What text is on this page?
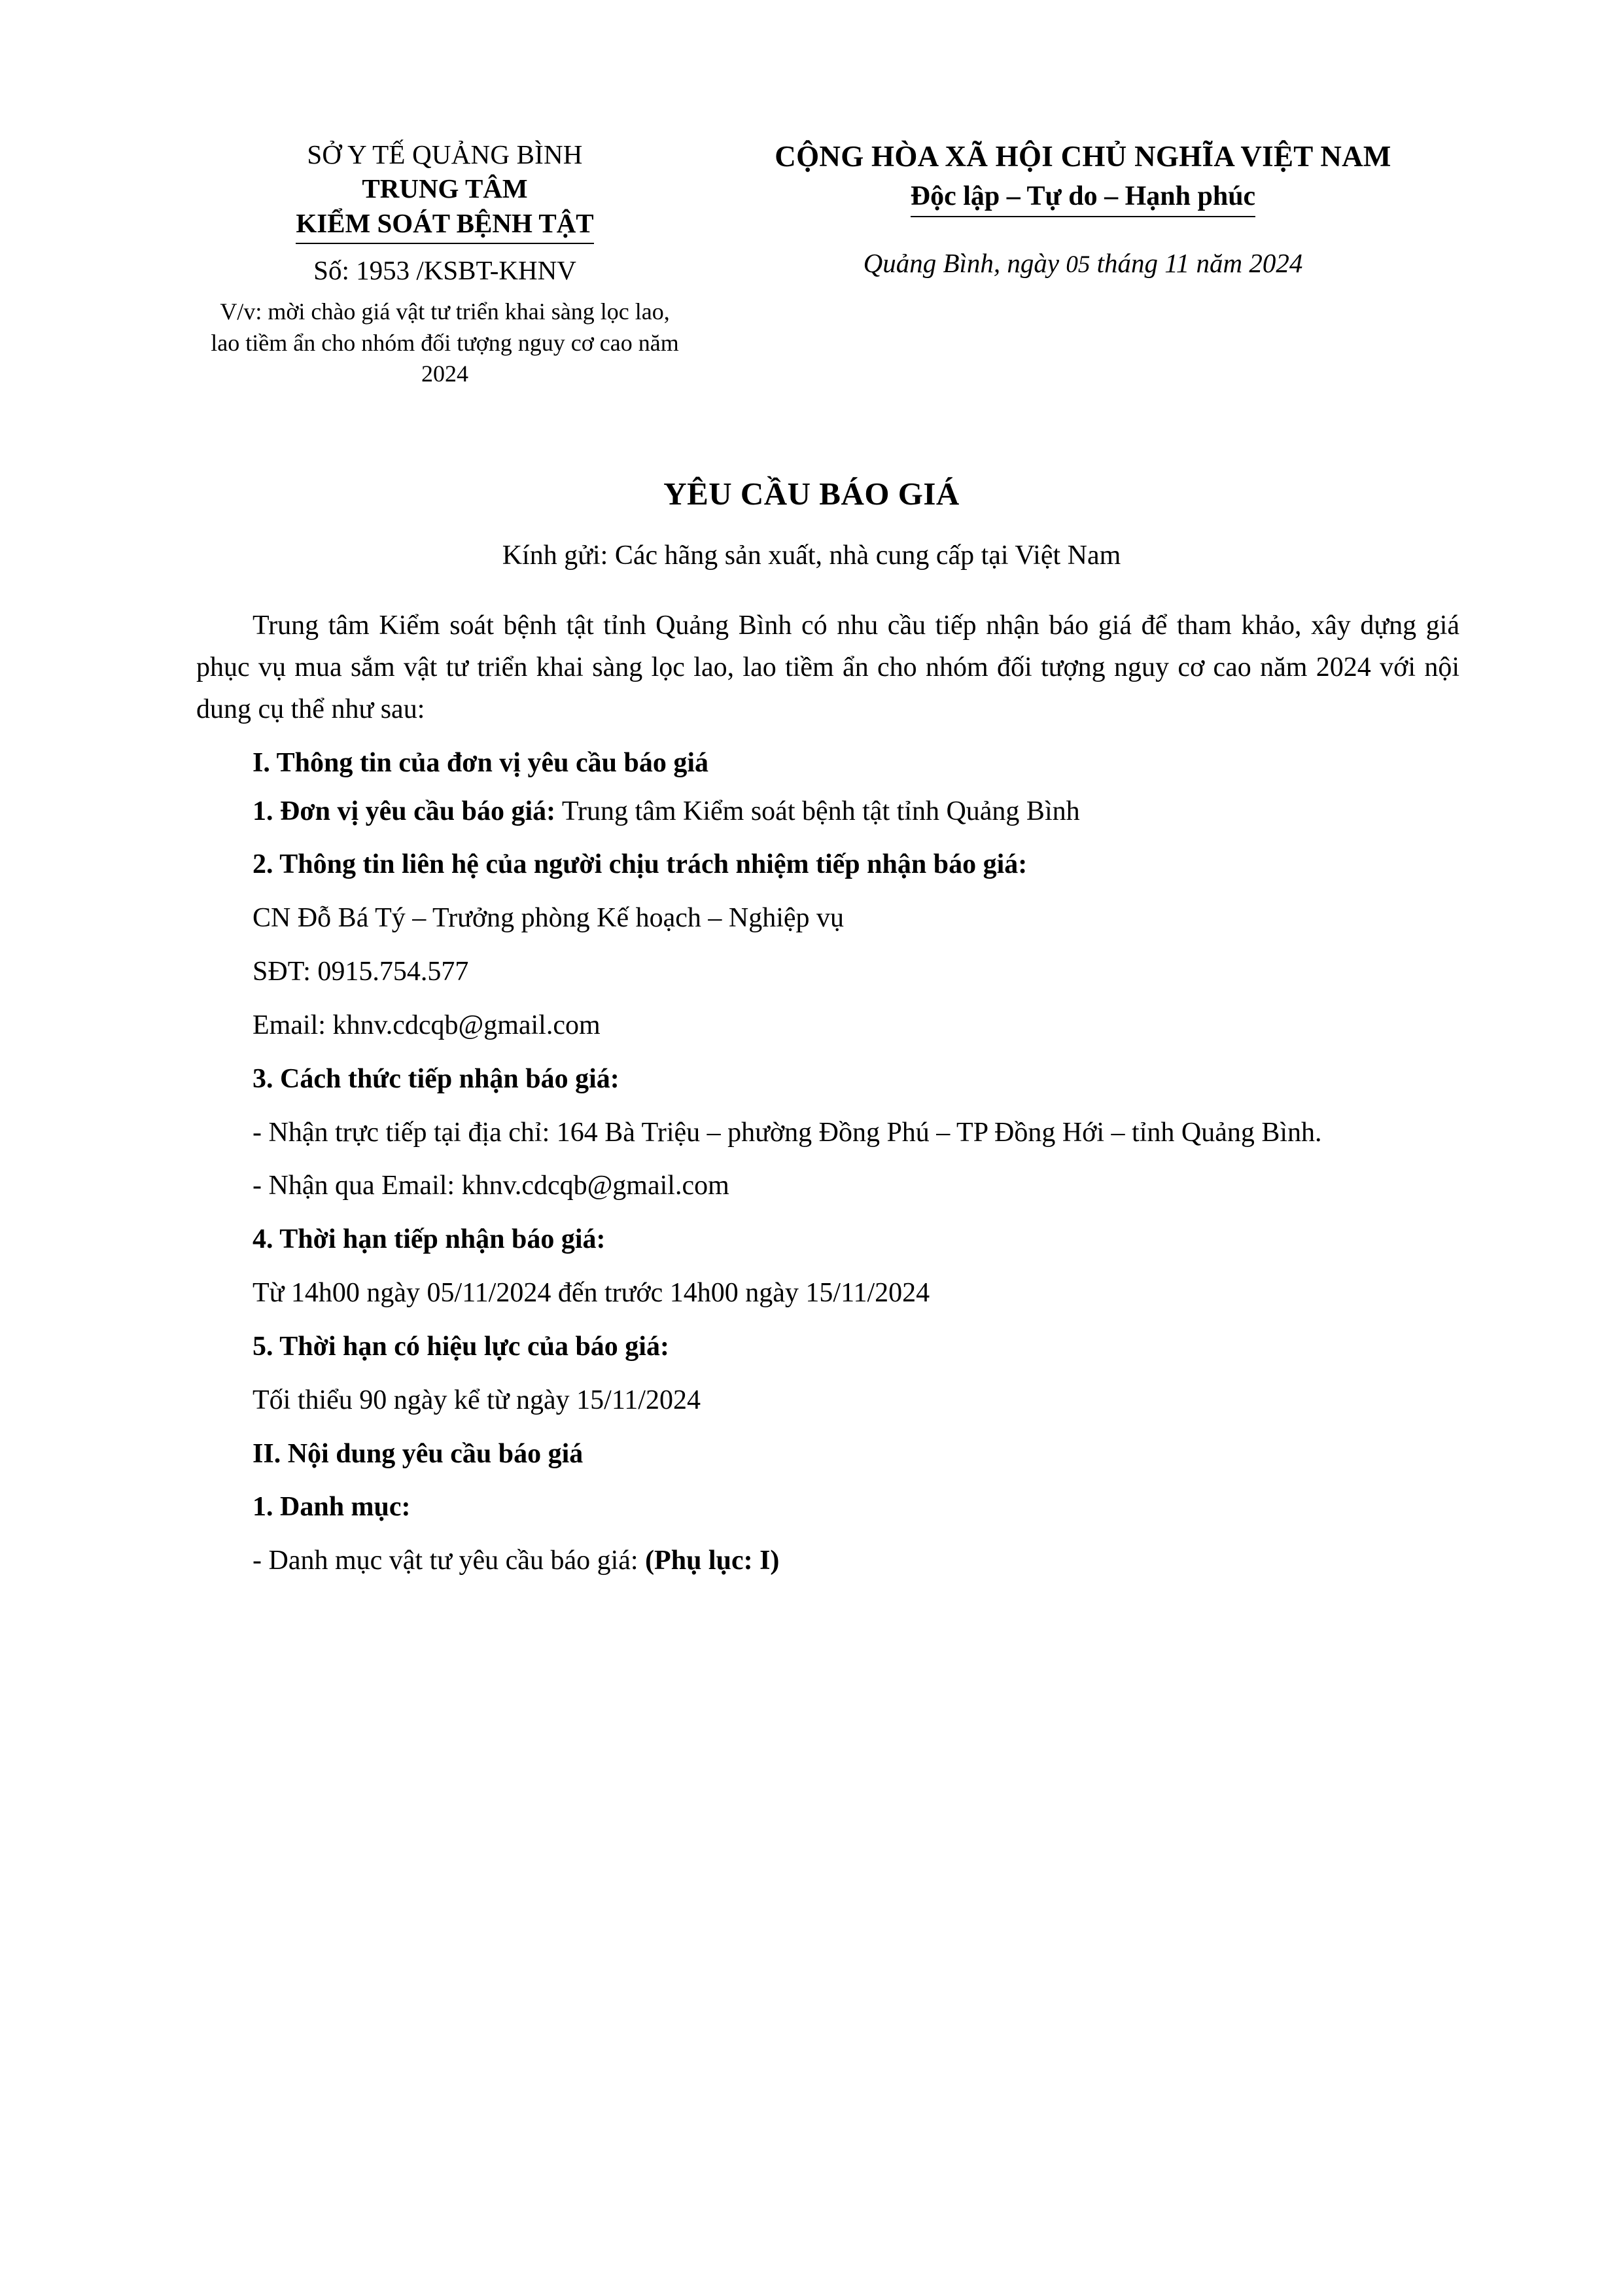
SỞ Y TẾ QUẢNG BÌNH
TRUNG TÂM
KIỂM SOÁT BỆNH TẬT
Số: 1953 /KSBT-KHNV
V/v: mời chào giá vật tư triển khai sàng lọc lao, lao tiềm ẩn cho nhóm đối tượng nguy cơ cao năm 2024
CỘNG HÒA XÃ HỘI CHỦ NGHĨA VIỆT NAM
Độc lập – Tự do – Hạnh phúc
Quảng Bình, ngày 05 tháng 11 năm 2024
YÊU CẦU BÁO GIÁ
Kính gửi: Các hãng sản xuất, nhà cung cấp tại Việt Nam

Trung tâm Kiểm soát bệnh tật tỉnh Quảng Bình có nhu cầu tiếp nhận báo giá để tham khảo, xây dựng giá phục vụ mua sắm vật tư triển khai sàng lọc lao, lao tiềm ẩn cho nhóm đối tượng nguy cơ cao năm 2024 với nội dung cụ thể như sau:

I. Thông tin của đơn vị yêu cầu báo giá

1. Đơn vị yêu cầu báo giá: Trung tâm Kiểm soát bệnh tật tỉnh Quảng Bình

2. Thông tin liên hệ của người chịu trách nhiệm tiếp nhận báo giá:

CN Đỗ Bá Tý – Trưởng phòng Kế hoạch – Nghiệp vụ

SĐT: 0915.754.577

Email: khnv.cdcqb@gmail.com

3. Cách thức tiếp nhận báo giá:

- Nhận trực tiếp tại địa chỉ: 164 Bà Triệu – phường Đồng Phú – TP Đồng Hới – tỉnh Quảng Bình.

- Nhận qua Email: khnv.cdcqb@gmail.com

4. Thời hạn tiếp nhận báo giá:

Từ 14h00 ngày 05/11/2024 đến trước 14h00 ngày 15/11/2024

5. Thời hạn có hiệu lực của báo giá:

Tối thiểu 90 ngày kể từ ngày 15/11/2024

II. Nội dung yêu cầu báo giá

1. Danh mục:

- Danh mục vật tư yêu cầu báo giá: (Phụ lục: I)
